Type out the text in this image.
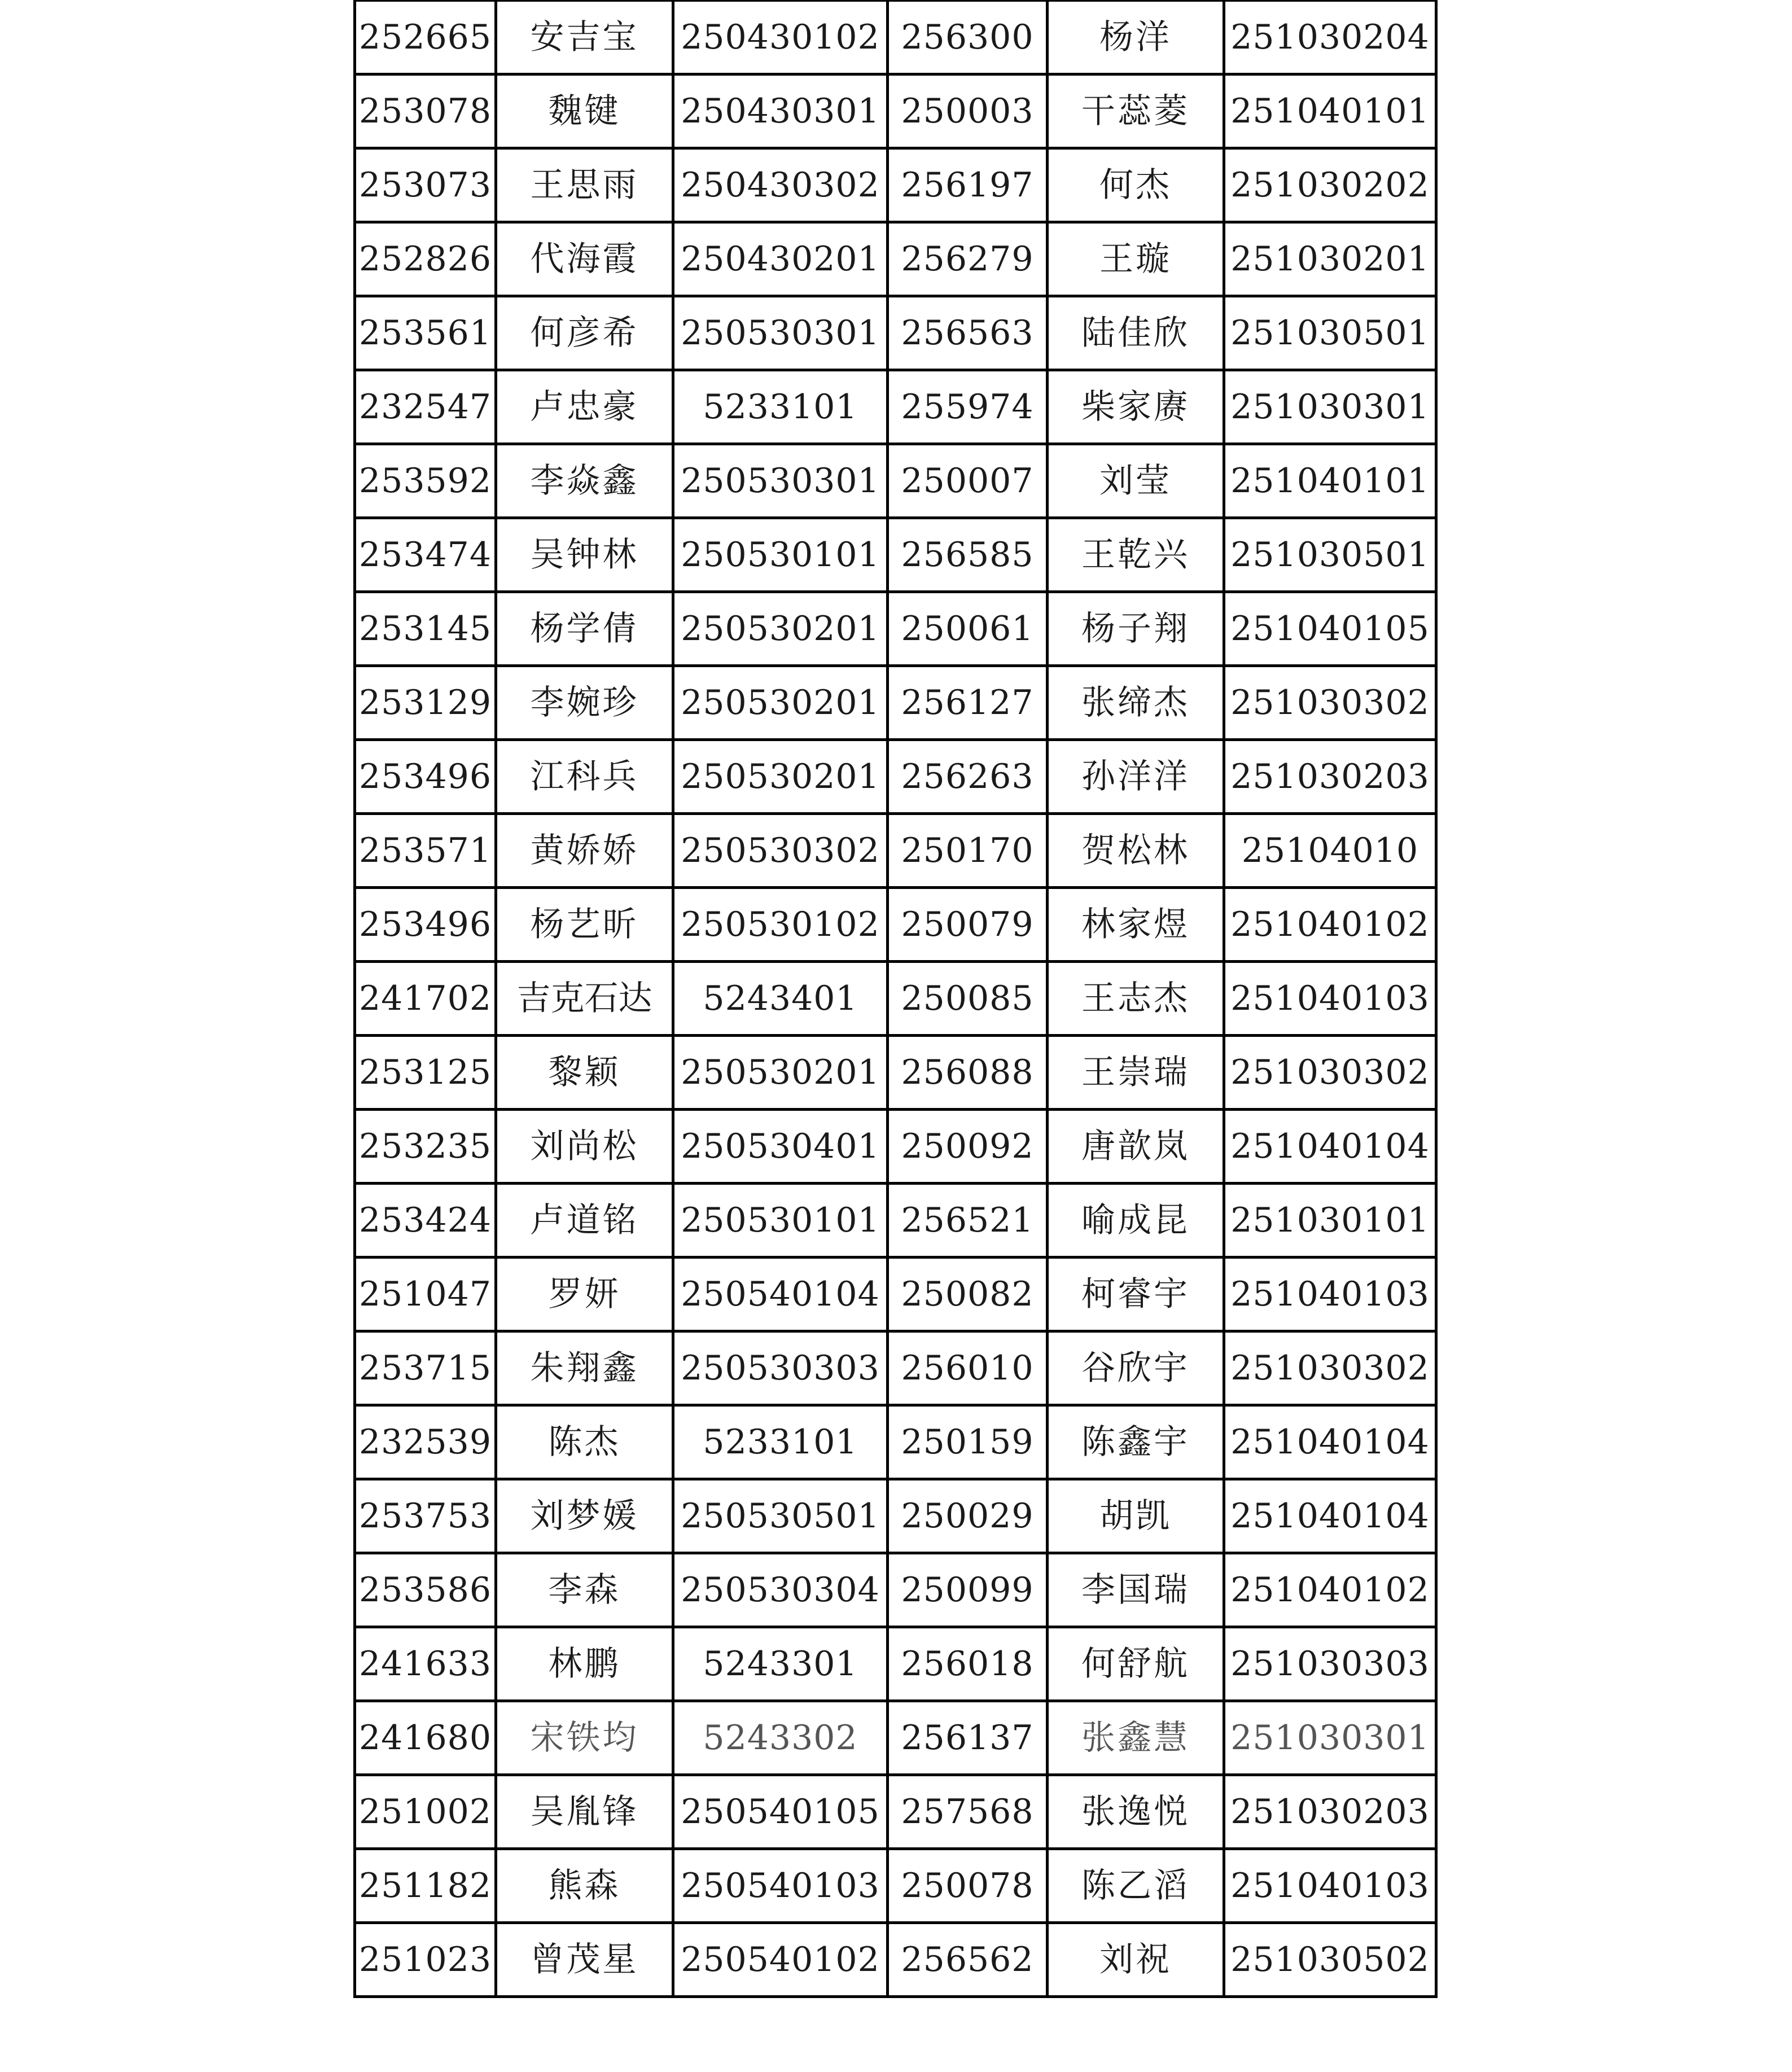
252665	安吉宝	250430102	256300	杨洋	251030204
253078	魏键	250430301	250003	干蕊菱	251040101
253073	王思雨	250430302	256197	何杰	251030202
252826	代海霞	250430201	256279	王璇	251030201
253561	何彦希	250530301	256563	陆佳欣	251030501
232547	卢忠豪	5233101	255974	柴家赓	251030301
253592	李焱鑫	250530301	250007	刘莹	251040101
253474	吴钟林	250530101	256585	王乾兴	251030501
253145	杨学倩	250530201	250061	杨子翔	251040105
253129	李婉珍	250530201	256127	张缔杰	251030302
253496	江科兵	250530201	256263	孙洋洋	251030203
253571	黄娇娇	250530302	250170	贺松林	25104010
253496	杨艺昕	250530102	250079	林家煜	251040102
241702	吉克石达	5243401	250085	王志杰	251040103
253125	黎颖	250530201	256088	王崇瑞	251030302
253235	刘尚松	250530401	250092	唐歆岚	251040104
253424	卢道铭	250530101	256521	喻成昆	251030101
251047	罗妍	250540104	250082	柯睿宇	251040103
253715	朱翔鑫	250530303	256010	谷欣宇	251030302
232539	陈杰	5233101	250159	陈鑫宇	251040104
253753	刘梦媛	250530501	250029	胡凯	251040104
253586	李森	250530304	250099	李国瑞	251040102
241633	林鹏	5243301	256018	何舒航	251030303
241680	宋铁均	5243302	256137	张鑫慧	251030301
251002	吴胤锋	250540105	257568	张逸悦	251030203
251182	熊森	250540103	250078	陈乙滔	251040103
251023	曾茂星	250540102	256562	刘祝	251030502
